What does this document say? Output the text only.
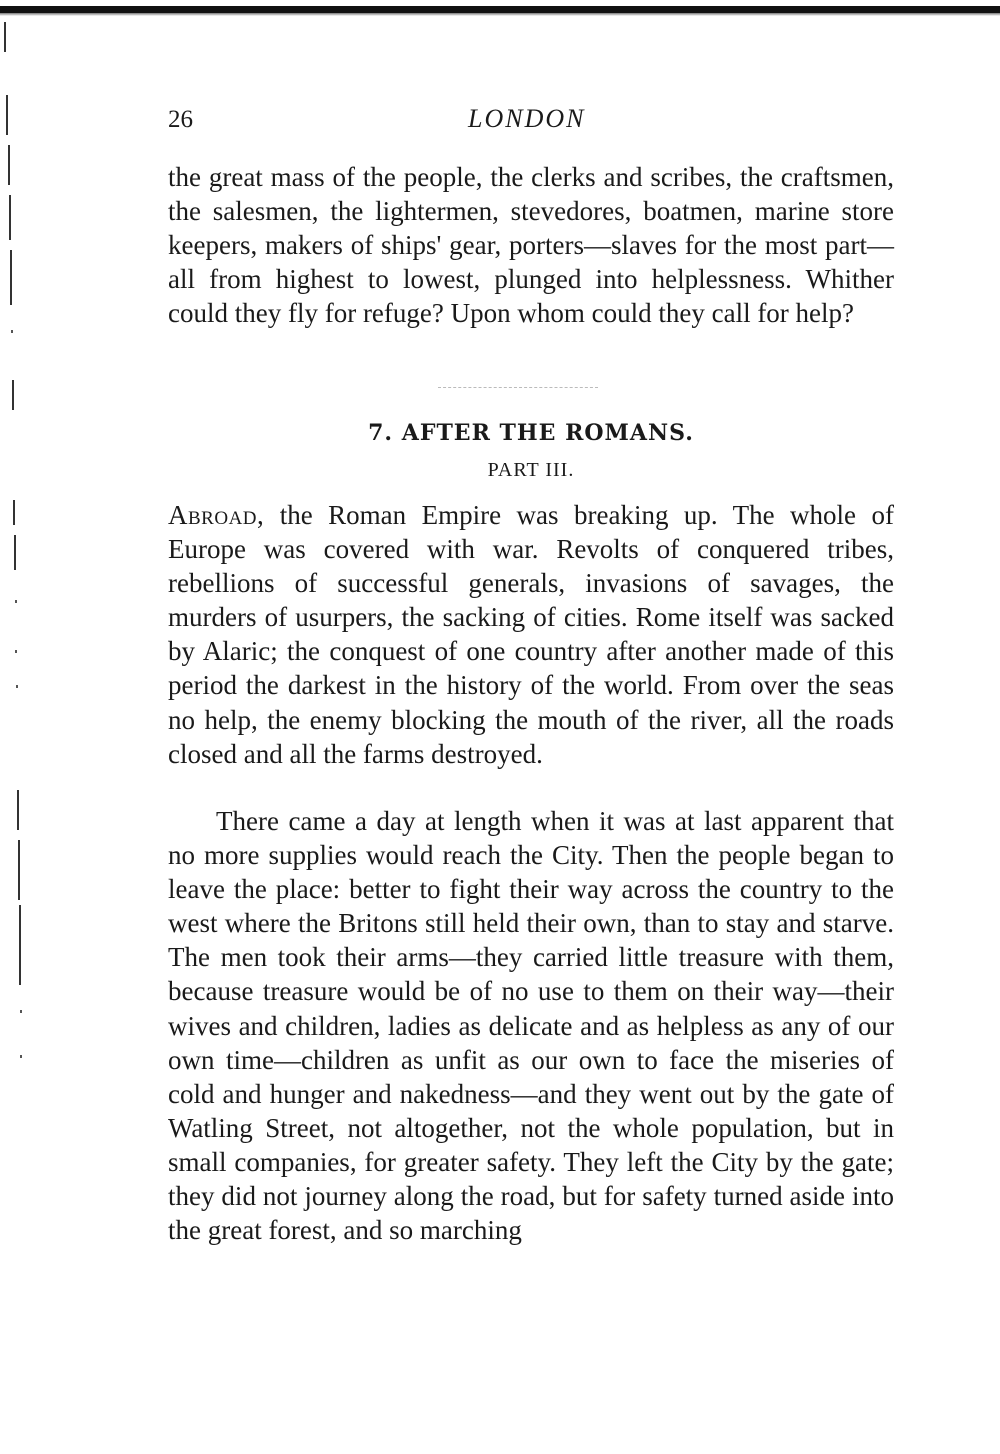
26	LONDON

the great mass of the people, the clerks and scribes, the craftsmen, the salesmen, the lightermen, stevedores, boatmen, marine store keepers, makers of ships' gear, porters—slaves for the most part—all from highest to lowest, plunged into helplessness. Whither could they fly for refuge? Upon whom could they call for help?

7. AFTER THE ROMANS.
PART III.

Abroad, the Roman Empire was breaking up. The whole of Europe was covered with war. Revolts of conquered tribes, rebellions of successful generals, invasions of savages, the murders of usurpers, the sacking of cities. Rome itself was sacked by Alaric; the conquest of one country after another made of this period the darkest in the history of the world. From over the seas no help, the enemy blocking the mouth of the river, all the roads closed and all the farms destroyed.

There came a day at length when it was at last apparent that no more supplies would reach the City. Then the people began to leave the place: better to fight their way across the country to the west where the Britons still held their own, than to stay and starve. The men took their arms—they carried little treasure with them, because treasure would be of no use to them on their way—their wives and children, ladies as delicate and as helpless as any of our own time—children as unfit as our own to face the miseries of cold and hunger and nakedness—and they went out by the gate of Watling Street, not altogether, not the whole population, but in small companies, for greater safety. They left the City by the gate; they did not journey along the road, but for safety turned aside into the great forest, and so marching
